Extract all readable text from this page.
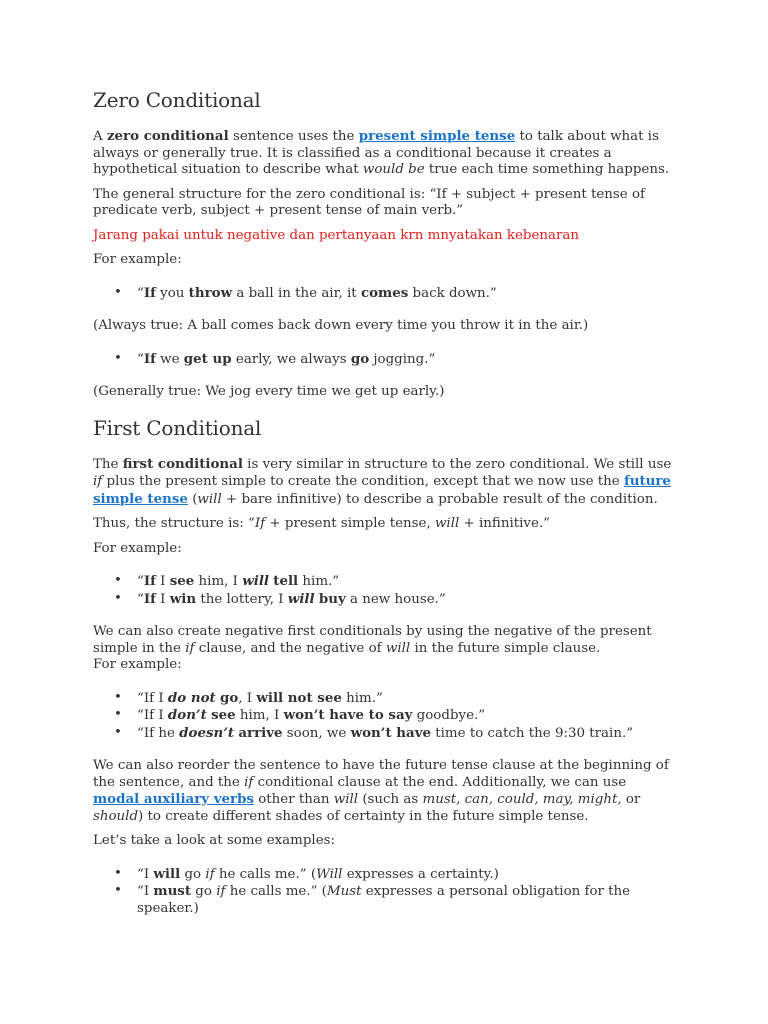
Zero Conditional

A zero conditional sentence uses the present simple tense to talk about what is always or generally true. It is classified as a conditional because it creates a hypothetical situation to describe what would be true each time something happens.

The general structure for the zero conditional is: “If + subject + present tense of predicate verb, subject + present tense of main verb.”

Jarang pakai untuk negative dan pertanyaan krn mnyatakan kebenaran

For example:

• “If you throw a ball in the air, it comes back down.”

(Always true: A ball comes back down every time you throw it in the air.)

• “If we get up early, we always go jogging.”

(Generally true: We jog every time we get up early.)

First Conditional

The first conditional is very similar in structure to the zero conditional. We still use if plus the present simple to create the condition, except that we now use the future simple tense (will + bare infinitive) to describe a probable result of the condition.

Thus, the structure is: “If + present simple tense, will + infinitive.”

For example:

• “If I see him, I will tell him.”
• “If I win the lottery, I will buy a new house.”

We can also create negative first conditionals by using the negative of the present simple in the if clause, and the negative of will in the future simple clause.

For example:

• “If I do not go, I will not see him.”
• “If I don’t see him, I won’t have to say goodbye.”
• “If he doesn’t arrive soon, we won’t have time to catch the 9:30 train.”

We can also reorder the sentence to have the future tense clause at the beginning of the sentence, and the if conditional clause at the end. Additionally, we can use modal auxiliary verbs other than will (such as must, can, could, may, might, or should) to create different shades of certainty in the future simple tense.

Let’s take a look at some examples:

• “I will go if he calls me.” (Will expresses a certainty.)
• “I must go if he calls me.” (Must expresses a personal obligation for the speaker.)
